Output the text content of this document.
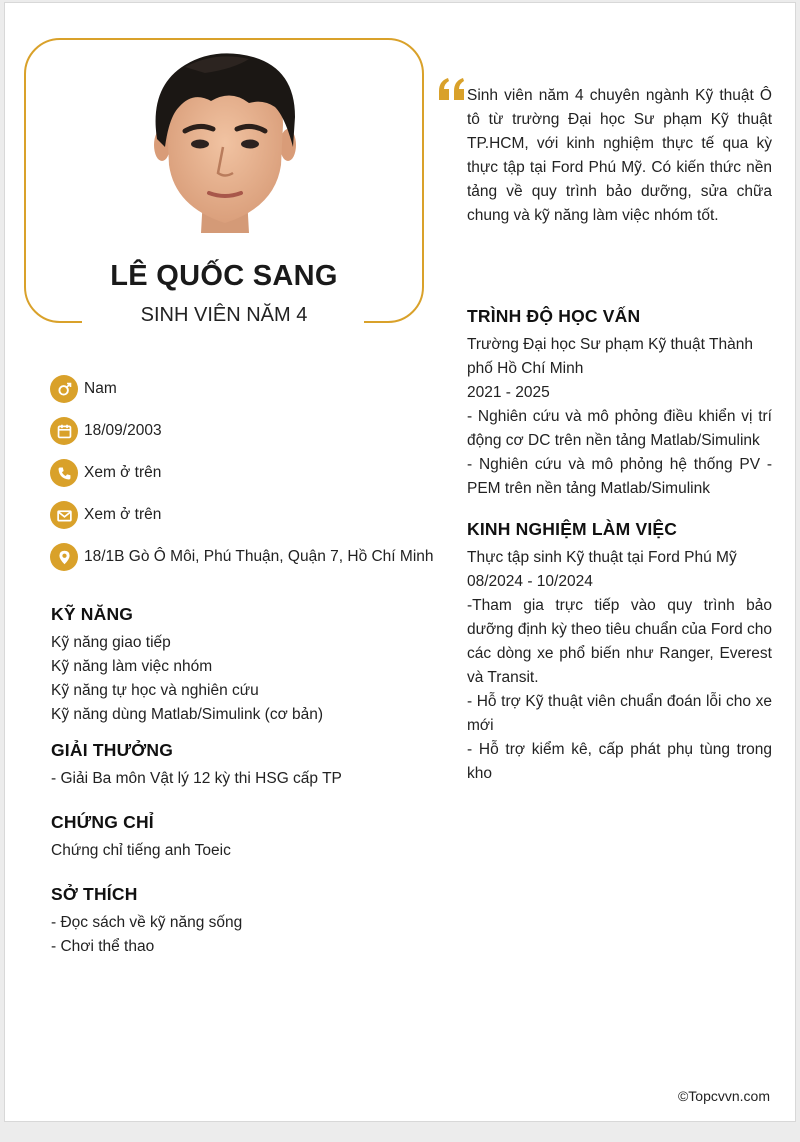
LÊ QUỐC SANG
SINH VIÊN NĂM 4
Sinh viên năm 4 chuyên ngành Kỹ thuật Ô tô từ trường Đại học Sư phạm Kỹ thuật TP.HCM, với kinh nghiệm thực tế qua kỳ thực tập tại Ford Phú Mỹ. Có kiến thức nền tảng về quy trình bảo dưỡng, sửa chữa chung và kỹ năng làm việc nhóm tốt.
Nam
18/09/2003
Xem ở trên
Xem ở trên
18/1B Gò Ô Môi, Phú Thuận, Quận 7, Hồ Chí Minh
KỸ NĂNG
Kỹ năng giao tiếp
Kỹ năng làm việc nhóm
Kỹ năng tự học và nghiên cứu
Kỹ năng dùng Matlab/Simulink (cơ bản)
GIẢI THƯỞNG
- Giải Ba môn Vật lý 12 kỳ thi HSG cấp TP
CHỨNG CHỈ
Chứng chỉ tiếng anh Toeic
SỞ THÍCH
- Đọc sách về kỹ năng sống
- Chơi thể thao
TRÌNH ĐỘ HỌC VẤN
Trường Đại học Sư phạm Kỹ thuật Thành phố Hồ Chí Minh
2021 - 2025
- Nghiên cứu và mô phỏng điều khiển vị trí động cơ DC trên nền tảng Matlab/Simulink
- Nghiên cứu và mô phỏng hệ thống PV - PEM trên nền tảng Matlab/Simulink
KINH NGHIỆM LÀM VIỆC
Thực tập sinh Kỹ thuật tại Ford Phú Mỹ
08/2024 - 10/2024
-Tham gia trực tiếp vào quy trình bảo dưỡng định kỳ theo tiêu chuẩn của Ford cho các dòng xe phổ biến như Ranger, Everest và Transit.
- Hỗ trợ Kỹ thuật viên chuẩn đoán lỗi cho xe mới
- Hỗ trợ kiểm kê, cấp phát phụ tùng trong kho
©Topcvvn.com
